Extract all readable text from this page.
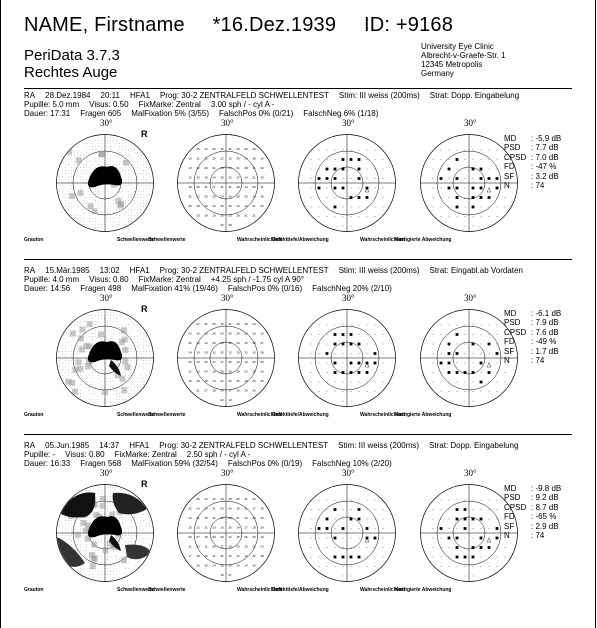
NAME, Firstname *16.Dez.1939 ID: +9168
PeriData 3.7.3
Rechtes Auge
University Eye Clinic
Albrecht-v-Graefe-Str. 1
12345 Metropolis
Germany
RA 28.Dez.1984 20:11 HFA1 Prog: 30-2 ZENTRALFELD SCHWELLENTEST Stim: III weiss (200ms) Strat: Dopp. Eingabelung
Pupille: 5.0 mm Visus: 0.50 FixMarke: Zentral 3.00 sph / - cyl A -
Dauer: 17:31 Fragen 605 MalFixation 5% (3/55) FalschPos 0% (0/21) FalschNeg 6% (1/18)
R
30°	30°
25 13 20 30 31 19 29 23
10 31 21 25 22 13 30 14 28 10
13 12 20 31 16 24 31 28 31 23
13 30 16 24 28 20 27 14 21 30
18 29 21 27 31 31 29 14 25 11
31 12 25 25 24 16 28 25 14 26
25 29 29 10 25 25 13 12 21 20
20 28 19 16 10 18 31 21
26 28
30°	30°
Grauton	Schwellenwerte
Schwellenwerte	Wahrscheinlichkeit
Defekttiefe/Abweichung	Wahrscheinlichkeit
Korrigierte Abweichung
MD	: -5.9 dB
PSD	: 7.7 dB
CPSD	: 7.0 dB
FD	: -47 %
SF	: 3.2 dB
N	: 74
RA 15.Mär.1985 13:02 HFA1 Prog: 30-2 ZENTRALFELD SCHWELLENTEST Stim: III weiss (200ms) Strat: Eingabl.ab Vordaten
Pupille: 4.0 mm Visus: 0.80 FixMarke: Zentral +4.25 sph / -1.75 cyl A 90°
Dauer: 14:56 Fragen 498 MalFixation 41% (19/46) FalschPos 0% (0/16) FalschNeg 20% (2/10)
R
30°	30°
27 31 25 15 31 15 30 24
24 16 20 16 26 29 24 25 14 13
22 30 12 26 20 11 24 15 18 27
24 19 20 12 25 13 10 22 15 28
20 13 30 27 17 26 10 13 25 20
11 15 24 20 26 30 28 23 25 20
16 20 29 14 22 20 25 19 23 16
21 27 18 14 17 16 29 26
22 10
30°	30°
Grauton	Schwellenwerte
Schwellenwerte	Wahrscheinlichkeit
Defekttiefe/Abweichung	Wahrscheinlichkeit
Korrigierte Abweichung
MD	: -6.1 dB
PSD	: 7.9 dB
CPSD	: 7.6 dB
FD	: -49 %
SF	: 1.7 dB
N	: 74
RA 05.Jun.1985 14:37 HFA1 Prog: 30-2 ZENTRALFELD SCHWELLENTEST Stim: III weiss (200ms) Strat: Dopp. Eingabelung
Pupille: - Visus: 0.80 FixMarke: Zentral 2.50 sph / - cyl A -
Dauer: 16:33 Fragen 568 MalFixation 59% (32/54) FalschPos 0% (0/19) FalschNeg 10% (2/20)
R
30°	30°
26 13 10 10 28 25 21 29
22 24 25 31 29 26 19 21 17 15
12 31 30 31 11 28 21 10 19 15
15 12 21 13 16 26 14 17 18 26
26 27 15 30 20 12 15 26 25 13
11 22 11 29 31 18 23 19 21 23
17 30 16 11 31 13 12 12 22 28
26 30 24 16 25 10 14 16
16 27
30°	30°
Grauton	Schwellenwerte
Schwellenwerte	Wahrscheinlichkeit
Defekttiefe/Abweichung	Wahrscheinlichkeit
Korrigierte Abweichung
MD	: -9.8 dB
PSD	: 9.2 dB
CPSD	: 8.7 dB
FD	: -65 %
SF	: 2.9 dB
N	: 74
